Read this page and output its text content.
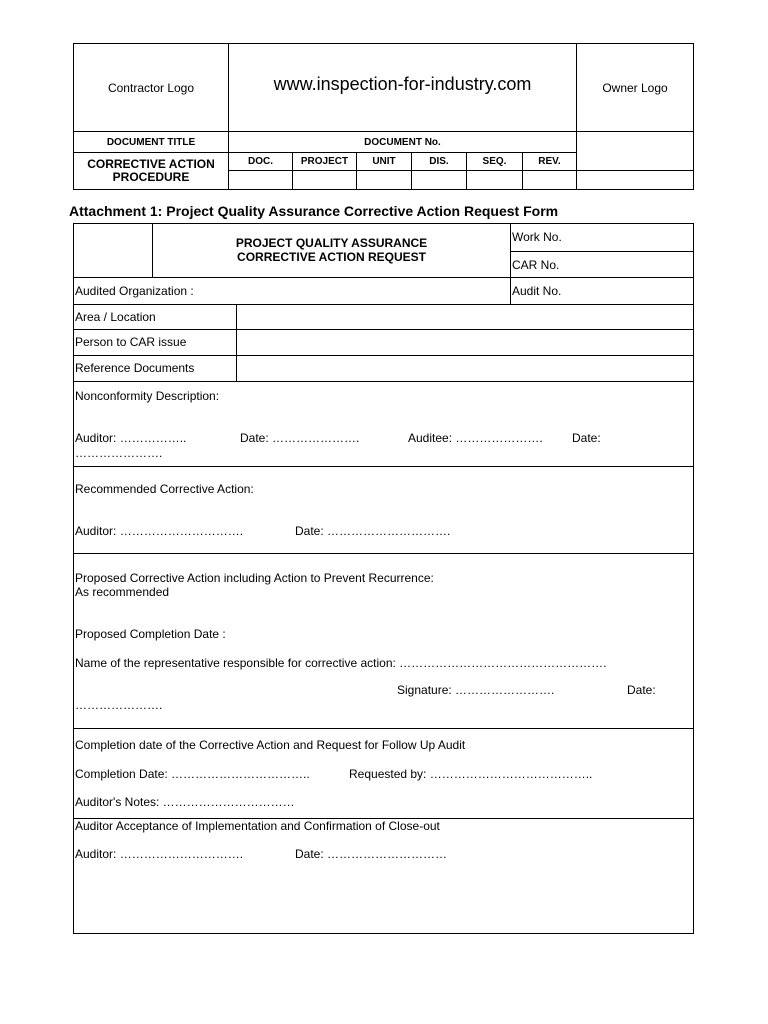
Contractor Logo	www.inspection-for-industry.com	Owner Logo
DOCUMENT TITLE	DOCUMENT No.
CORRECTIVE ACTION
PROCEDURE
DOC.	PROJECT	UNIT	DIS.	SEQ.	REV.
Attachment 1: Project Quality Assurance Corrective Action Request Form
PROJECT QUALITY ASSURANCE
CORRECTIVE ACTION REQUEST
Work No.
CAR No.
Audited Organization :	Audit No.
Area / Location
Person to CAR issue
Reference Documents
Nonconformity Description:
Auditor: ……………..	Date: ………………….	Auditee: …………………. Date:
………………….
Recommended Corrective Action:
Auditor: ………………………….	Date: ………………………….
Proposed Corrective Action including Action to Prevent Recurrence:
As recommended
Proposed Completion Date :
Name of the representative responsible for corrective action: …………………………………………….
Signature: …………………….	Date:
………………….
Completion date of the Corrective Action and Request for Follow Up Audit
Completion Date: ……………………………..	Requested by: …………………………………..
Auditor's Notes: ……………………………
Auditor Acceptance of Implementation and Confirmation of Close-out
Auditor: ………………………….	Date: …………………………
